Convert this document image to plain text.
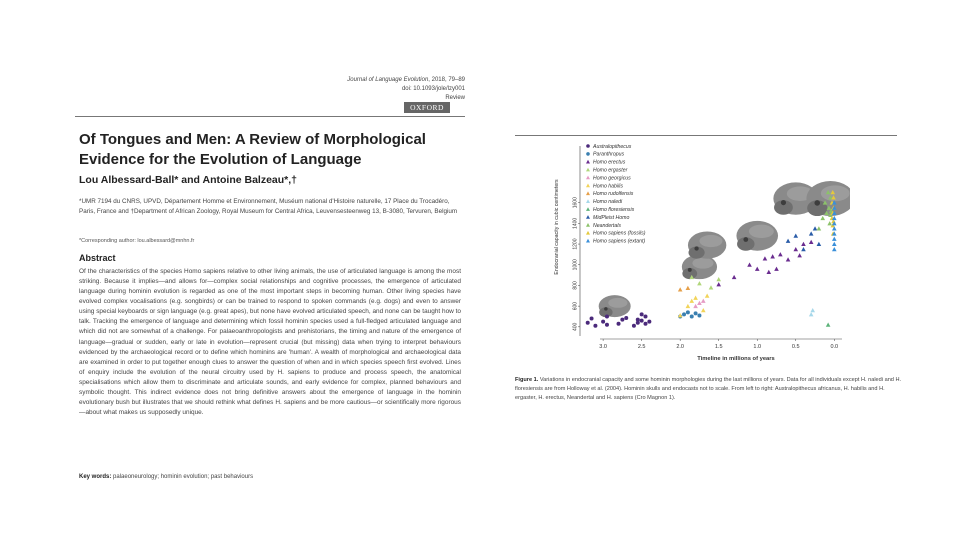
Journal of Language Evolution, 2018, 79–89
doi: 10.1093/jole/lzy001
Review
OXFORD
Of Tongues and Men: A Review of Morphological Evidence for the Evolution of Language
Lou Albessard-Ball* and Antoine Balzeau*,†
*UMR 7194 du CNRS, UPVD, Département Homme et Environnement, Muséum national d'Histoire naturelle, 17 Place du Trocadéro, Paris, France and †Department of African Zoology, Royal Museum for Central Africa, Leuvensesteenweg 13, B-3080, Tervuren, Belgium
*Corresponding author: lou.albessard@mnhn.fr
Abstract
Of the characteristics of the species Homo sapiens relative to other living animals, the use of articulated language is among the most striking. Because it implies—and allows for—complex social relationships and cognitive processes, the emergence of articulated language during hominin evolution is regarded as one of the most important steps in becoming human. Other living species have evolved complex vocalisations (e.g. songbirds) or can be trained to respond to spoken commands (e.g. dogs) and even to answer using special keyboards or sign language (e.g. great apes), but none have evolved articulated speech, and none can be taught how to talk. Tracking the emergence of language and determining which fossil hominin species used a full-fledged articulated language and which did not are somewhat of a challenge. For palaeoanthropologists and prehistorians, the timing and nature of the emergence of language—gradual or sudden, early or late in evolution—represent crucial (but missing) data when trying to interpret behaviours evidenced by the archaeological record or to define which hominins are 'human'. A wealth of morphological and archaeological data are examined in order to put together enough clues to answer the question of when and in which species speech first evolved. Lines of enquiry include the evolution of the neural circuitry used by H. sapiens to produce and process speech, the anatomical specialisations which allow them to discriminate and articulate sounds, and early evidence for complex, planned behaviours and symbolic thought. This indirect evidence does not bring definitive answers about the emergence of language in the hominin evolutionary bush but illustrates that we should rethink what defines H. sapiens and be more cautious—or scientifically more rigorous—about what makes us supposedly unique.
Key words: palaeoneurology; hominin evolution; past behaviours
400
600
800
1000
1200
1400
1600
3.0	2.5	2.0	1.5	1.0	0.5	0.0
Australopithecus
Paranthropus
Homo erectus
Homo ergaster
Homo georgicus
Homo habilis
Homo rudolfensis
Homo naledi
Homo floresiensis
MidPleist Homo
Neandertals
Homo sapiens (fossils)
Homo sapiens (extant)
Endocranial capacity in cubic centimeters
Timeline in millions of years
Figure 1. Variations in endocranial capacity and some hominin morphologies during the last millions of years. Data for all individuals except H. naledi and H. floresiensis are from Holloway et al. (2004). Hominin skulls and endocasts not to scale. From left to right: Australopithecus africanus, H. habilis and H. ergaster, H. erectus, Neandertal and H. sapiens (Cro Magnon 1).
